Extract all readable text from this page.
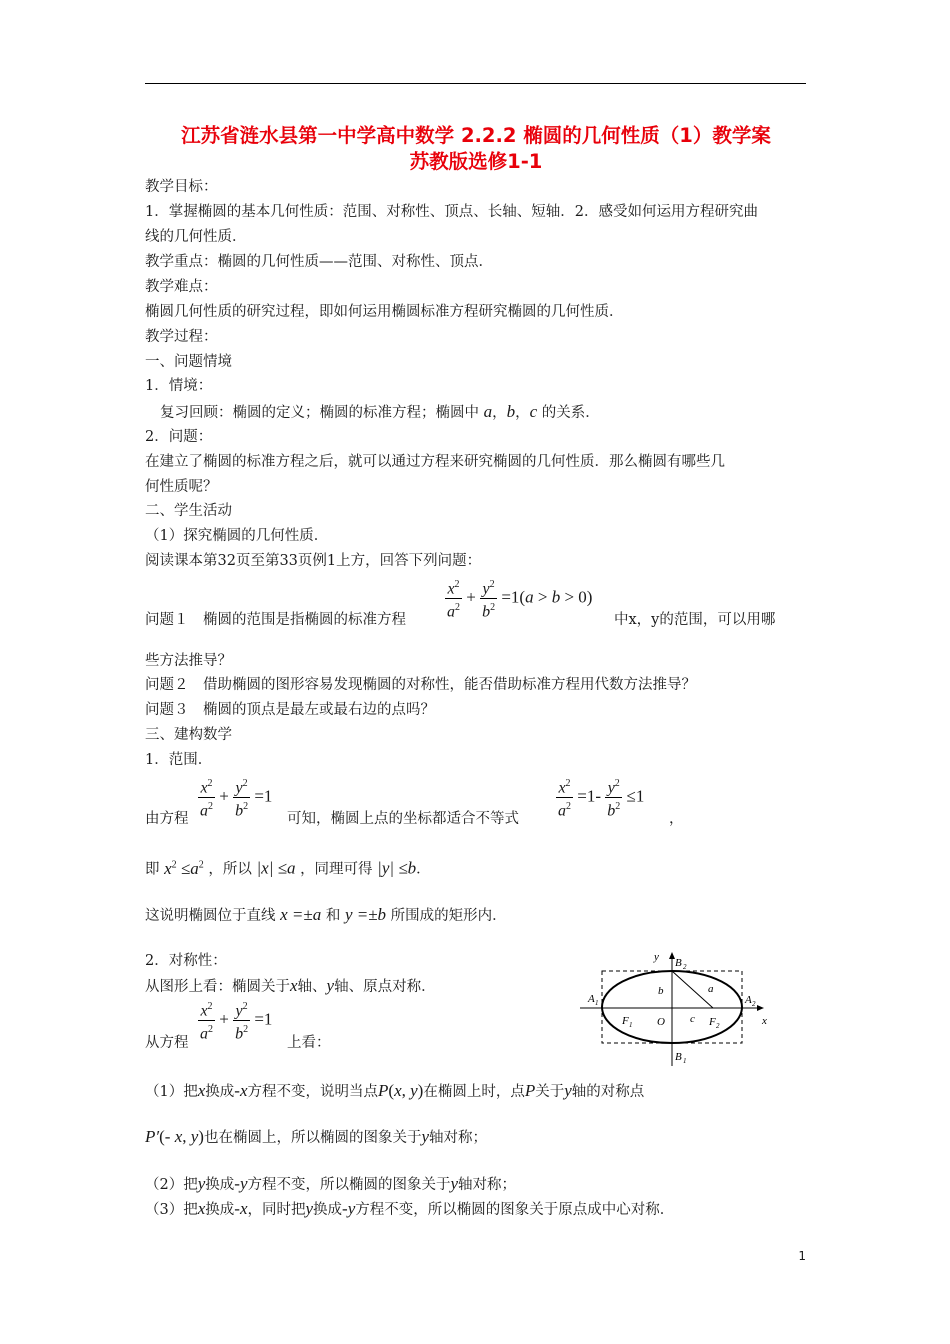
江苏省涟水县第一中学高中数学 2.2.2 椭圆的几何性质（1）教学案
苏教版选修1-1
教学目标：
1．掌握椭圆的基本几何性质：范围、对称性、顶点、长轴、短轴．2．感受如何运用方程研究曲
线的几何性质．
教学重点：椭圆的几何性质——范围、对称性、顶点．
教学难点：
椭圆几何性质的研究过程，即如何运用椭圆标准方程研究椭圆的几何性质．
教学过程：
一、问题情境
1．情境：
复习回顾：椭圆的定义；椭圆的标准方程；椭圆中 a，b，c 的关系．
2．问题：
在建立了椭圆的标准方程之后，就可以通过方程来研究椭圆的几何性质．那么椭圆有哪些几
何性质呢？
二、学生活动
（1）探究椭圆的几何性质．
阅读课本第32页至第33页例1上方，回答下列问题：
$\frac{x^2}{a^2} + \frac{y^2}{b^2} =1(a > b > 0)$
问题１　椭圆的范围是指椭圆的标准方程	中x，y的范围，可以用哪
些方法推导？
问题２　借助椭圆的图形容易发现椭圆的对称性，能否借助标准方程用代数方法推导？
问题３　椭圆的顶点是最左或最右边的点吗？
三、建构数学
1．范围．
$\frac{x^2}{a^2} + \frac{y^2}{b^2} =1$	$\frac{x^2}{a^2} =1- \frac{y^2}{b^2} \le 1$
由方程	可知，椭圆上点的坐标都适合不等式	，
即 $x^2 \le a^2$ ，所以 |x| ≤a ，同理可得 |y| ≤b．
这说明椭圆位于直线 x =±a 和 y =±b 所围成的矩形内．
2．对称性：
从图形上看：椭圆关于x轴、y轴、原点对称．
$\frac{x^2}{a^2} + \frac{y^2}{b^2} =1$
从方程	上看：
y
x
B 2
B 1
A 1	A 2
F 1	F 2
O
a
b
c
（1）把x换成-x方程不变，说明当点P(x, y)在椭圆上时，点P关于y轴的对称点
P′(- x, y)也在椭圆上，所以椭圆的图象关于y轴对称；
（2）把y换成-y方程不变，所以椭圆的图象关于y轴对称；
（3）把x换成-x，同时把y换成-y方程不变，所以椭圆的图象关于原点成中心对称．
1
